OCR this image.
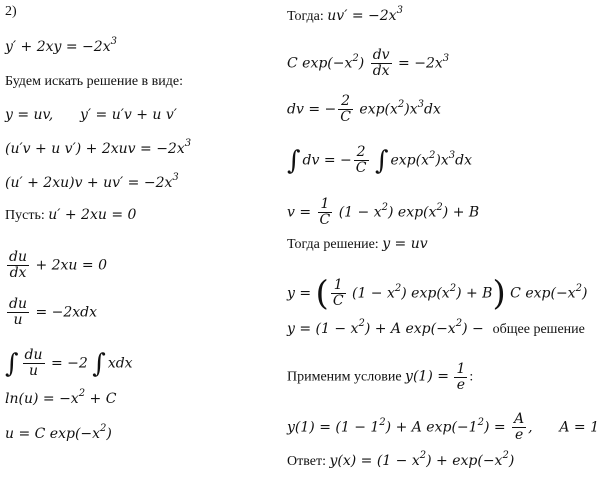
2)
$y' + 2xy = -2x^3$
Будем искать решение в виде:
y = uv, y′ = u′v + u v′
(u′v + u $v') + 2xuv = -2x^3$
$(u' + 2xu)v + uv' = -2x^3$
Пусть: u′ + 2xu = 0
$\frac{du}{dx} + 2xu = 0$
$\frac{du}{u} = -2xdx$
∫ $\frac{du}{u} = -2$ ∫ xdx
$\ln(u) = -x^2 + C$
u = C $\exp(-x^2)$
Тогда: $uv' = -2x^3$
C $\exp(-x^2) \frac{dv}{dx} = -2x^3$
dv = − $\frac{2}{C} \exp(x^2)x^3dx$
∫ dv = − $\frac{2}{C}$ ∫ $\exp(x^2)x^3dx$
$v = \frac{1}{C} (1 - x^2) \exp(x^2) + B$
Тогда решение: y = uv
y = ( $\frac{1}{C} (1 - x^2) \exp(x^2) + B$) C $\exp(-x^2)$
$y = (1 - x^2) + A$ $\exp(-x^2)$ − общее решение
Применим условие $y(1) = \frac{1}{e}$ :
$y(1) = (1 - 1^2) + A$ $\exp(-1^2) = \frac{A}{e}$ , A = 1
Ответ: $y(x) = (1 - x^2) + \exp(-x^2)$
